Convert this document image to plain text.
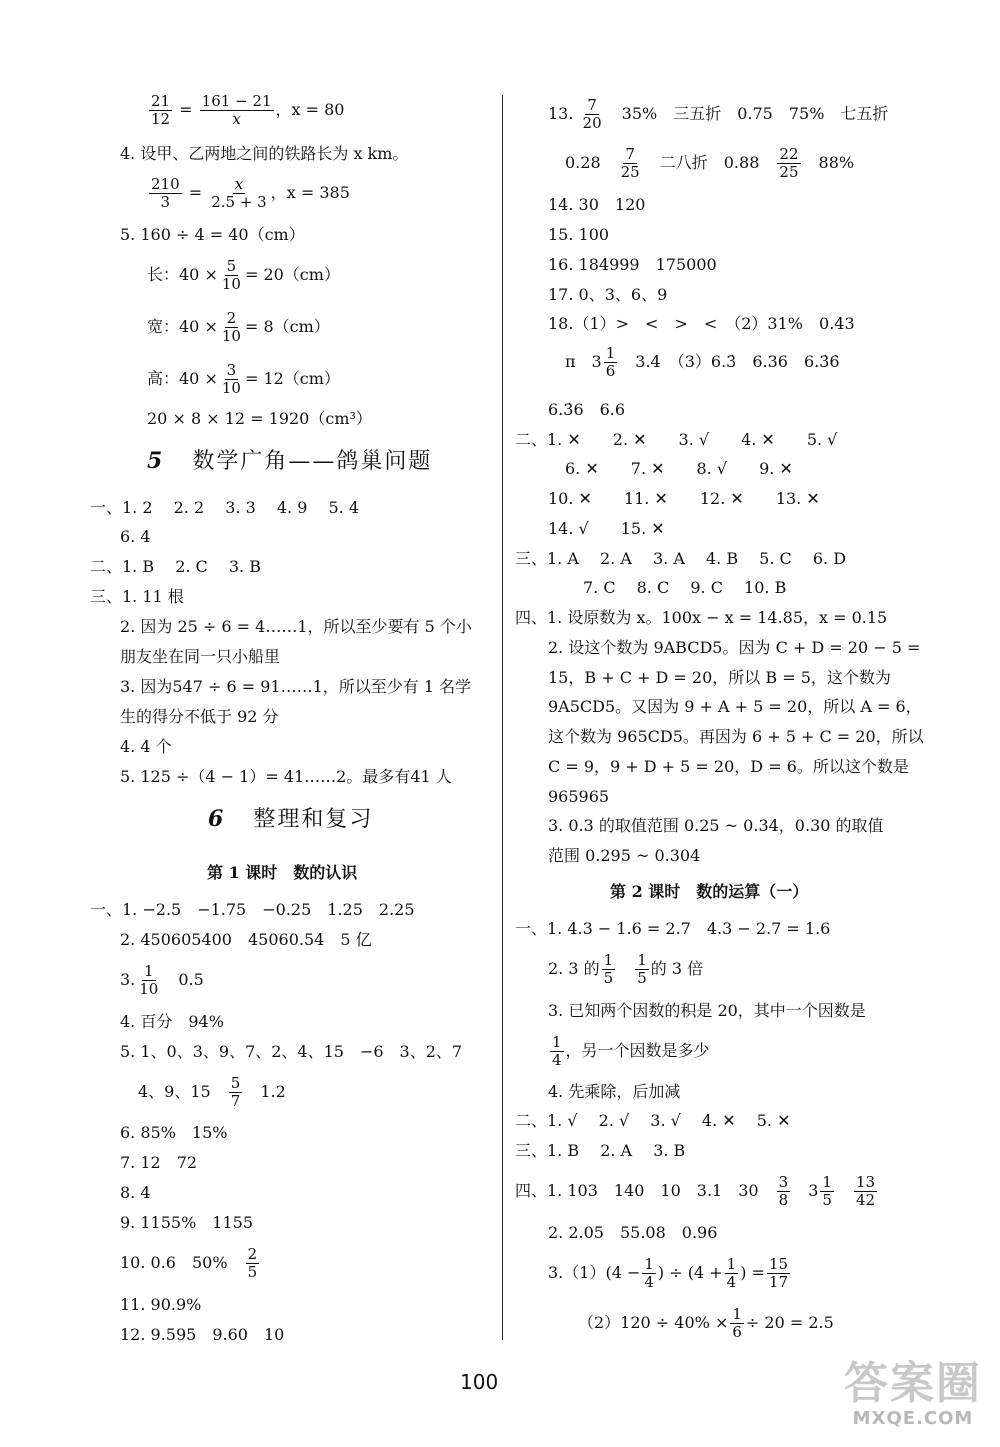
$\frac{21}{12} = \frac{161 - 21}{x}$ ，x = 80
4. 设甲、乙两地之间的铁路长为 x km。
$\frac{210}{3} = \frac{x}{2.5 + 3}$ ，x = 385
5. 160 ÷ 4 = 40（cm）
长：$40 \times \frac{5}{10} = 20(cm)$
宽：$40 \times \frac{2}{10} = 8(cm)$
高：$40 \times \frac{3}{10} = 12(cm)$
20 × 8 × 12 = 1920（cm³）
5 数学广角——鸽巢问题
一、1. 2　 2. 2　 3. 3　 4. 9　 5. 4
6. 4
二、1. B　 2. C　 3. B
三、1. 11 根
2. 因为 25 ÷ 6 = 4……1，所以至少要有 5 个小
朋友坐在同一只小船里
3. 因为547 ÷ 6 = 91……1，所以至少有 1 名学
生的得分不低于 92 分
4. 4 个
5. 125 ÷（4 − 1）= 41……2。最多有41 人
6 整理和复习
第 1 课时　数的认识
一、1. −2.5　−1.75　−0.25　1.25　2.25
2. 450605400　45060.54　5 亿
3. $\frac{1}{10}$
　 0.5
4. 百分　94%
5. 1、0、3、9、7、2、4、15　−6　3、2、7
4、9、15　 $\frac{5}{7}$
　 1.2
6. 85%　15%
7. 12　72
8. 4
9. 1155%　1155
10. 0.6　50%　 $\frac{2}{5}$
11. 90.9%
12. 9.595　9.60　10
13. $\frac{7}{20}$
　 35%　三五折　0.75　75%　七五折
0.28　 $\frac{7}{25}$
　 二八折　0.88　 $\frac{22}{25}$
　 88%
14. 30　120
15. 100
16. 184999　175000
17. 0、3、6、9
18.（1）>　<　>　<　（2）31%　0.43
π　$3 \frac{1}{6}$
　 3.4̇　（3）6.3̇　6.36　6.3̇6̇
6.3̇6　6.6
二、1. ✕　　2. ✕　　3. √　　4. ✕　　5. √
6. ✕　　7. ✕　　8. √　　9. ✕
10. ✕　　11. ✕　　12. ✕　　13. ✕
14. √　　15. ✕
三、1. A　 2. A　 3. A　 4. B　 5. C　 6. D
7. C　 8. C　 9. C　 10. B
四、1. 设原数为 x。100x − x = 14.85，x = 0.15
2. 设这个数为 9ABCD5。因为 C + D = 20 − 5 =
15，B + C + D = 20，所以 B = 5，这个数为
9A5CD5。又因为 9 + A + 5 = 20，所以 A = 6，
这个数为 965CD5。再因为 6 + 5 + C = 20，所以
C = 9，9 + D + 5 = 20，D = 6。所以这个数是
965965
3. 0.3 的取值范围 0.25 ~ 0.34，0.30 的取值
范围 0.295 ~ 0.304
第 2 课时　数的运算（一）
一、1. 4.3 − 1.6 = 2.7　4.3 − 2.7 = 1.6
2. 3 的 $\frac{1}{5}$
　 $\frac{1}{5}$ 的 3 倍
3. 已知两个因数的积是 20，其中一个因数是
$\frac{1}{4}$ ，另一个因数是多少
4. 先乘除，后加减
二、1. √　 2. √　 3. √　 4. ✕　 5. ✕
三、1. B　 2. A　 3. B
四、1. 103　140　10　3.1　30　 $\frac{3}{8}$
　 $3 \frac{1}{5}$
　 $\frac{13}{42}$
2. 2.05　55.08　0.96
$3.(1)(4 - \frac{1}{4}$ ) ÷ ($4 + \frac{1}{4}$ ) = $\frac{15}{17}$
$(2)120 \div 40\% \times \frac{1}{6} \div 20 = 2.5$
100	答案圈
MXQE.COM
